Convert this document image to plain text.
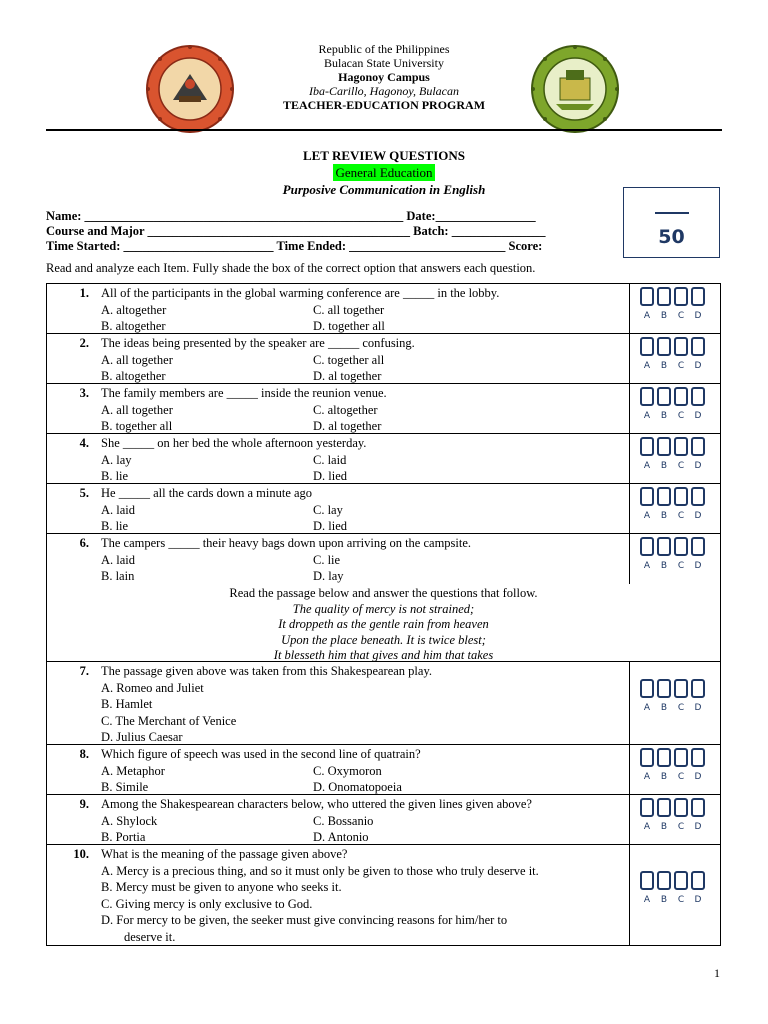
Republic of the Philippines
Bulacan State University
Hagonoy Campus
Iba-Carillo, Hagonoy, Bulacan
TEACHER-EDUCATION PROGRAM
LET REVIEW QUESTIONS
General Education
Purposive Communication in English
Name: ___________________________________________________ Date:________________
Course and Major __________________________________________ Batch: _______________
Time Started: ________________________ Time Ended: _________________________ Score:	50
Read and analyze each Item. Fully shade the box of the correct option that answers each question.
1. All of the participants in the global warming conference are _____ in the lobby.
A. altogether	C. all together
B. altogether	D. together all
A	B	C	D
2. The ideas being presented by the speaker are _____ confusing.
A. all together	C. together all
B. altogether	D. al together
A	B	C	D
3. The family members are _____ inside the reunion venue.
A. all together	C. altogether
B. together all	D. al together
A	B	C	D
4. She _____ on her bed the whole afternoon yesterday.
A. lay	C. laid
B. lie	D. lied
A	B	C	D
5. He _____ all the cards down a minute ago
A. laid	C. lay
B. lie	D. lied
A	B	C	D
6. The campers _____ their heavy bags down upon arriving on the campsite.
A. laid	C. lie
B. lain	D. lay
A	B	C	D
Read the passage below and answer the questions that follow.
The quality of mercy is not strained;
It droppeth as the gentle rain from heaven
Upon the place beneath. It is twice blest;
It blesseth him that gives and him that takes
7. The passage given above was taken from this Shakespearean play.
A. Romeo and Juliet
B. Hamlet
C. The Merchant of Venice
D. Julius Caesar
A	B	C	D
8. Which figure of speech was used in the second line of quatrain?
A. Metaphor	C. Oxymoron
B. Simile	D. Onomatopoeia
A	B	C	D
9. Among the Shakespearean characters below, who uttered the given lines given above?
A. Shylock	C. Bossanio
B. Portia	D. Antonio
A	B	C	D
10. What is the meaning of the passage given above?
A. Mercy is a precious thing, and so it must only be given to those who truly deserve it.
B. Mercy must be given to anyone who seeks it.
C. Giving mercy is only exclusive to God.
D. For mercy to be given, the seeker must give convincing reasons for him/her to
deserve it.
A	B	C	D
1
